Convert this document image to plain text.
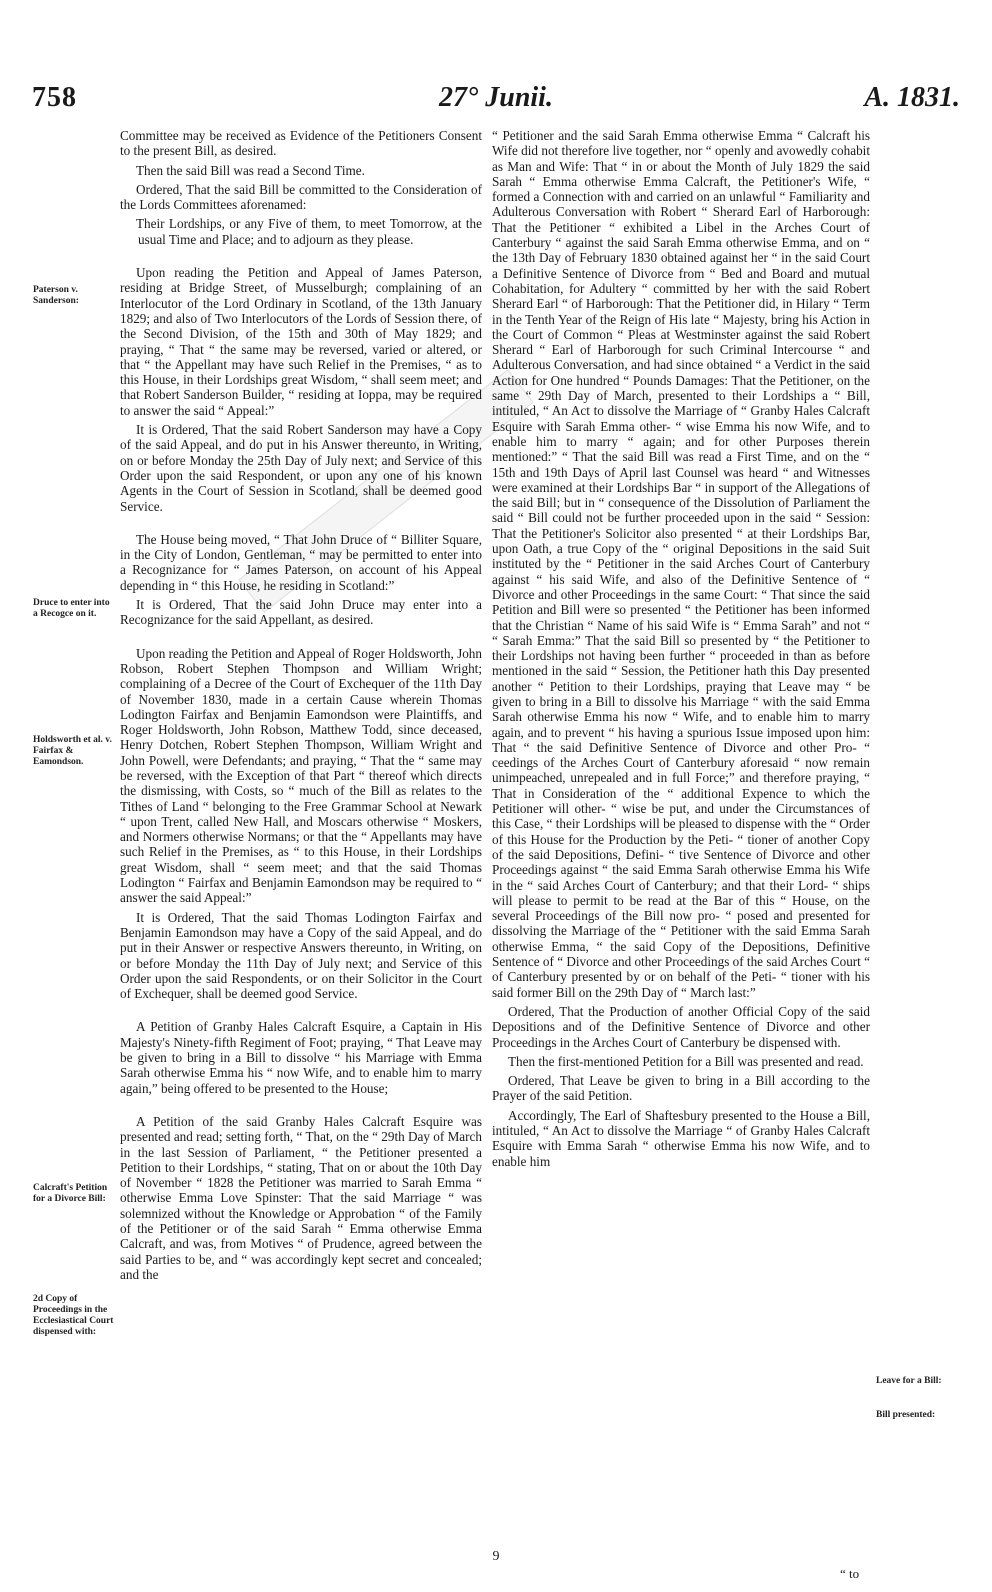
758	27° Junii.	A. 1831.
Paterson v. Sanderson:
Druce to enter into a Recogce on it.
Holdsworth et al. v. Fairfax & Eamondson.
Calcraft's Petition for a Divorce Bill:
2d Copy of Proceedings in the Ecclesiastical Court dispensed with:
Leave for a Bill:
Bill presented:

Committee may be received as Evidence of the Petitioners Consent to the present Bill, as desired.

Then the said Bill was read a Second Time.

Ordered, That the said Bill be committed to the Consideration of the Lords Committees aforenamed:

Their Lordships, or any Five of them, to meet Tomorrow, at the usual Time and Place; and to adjourn as they please.

Upon reading the Petition and Appeal of James Paterson, residing at Bridge Street, of Musselburgh; complaining of an Interlocutor of the Lord Ordinary in Scotland, of the 13th January 1829; and also of Two Interlocutors of the Lords of Session there, of the Second Division, of the 15th and 30th of May 1829; and praying, “ That “ the same may be reversed, varied or altered, or that “ the Appellant may have such Relief in the Premises, “ as to this House, in their Lordships great Wisdom, “ shall seem meet; and that Robert Sanderson Builder, “ residing at Ioppa, may be required to answer the said “ Appeal:”

It is Ordered, That the said Robert Sanderson may have a Copy of the said Appeal, and do put in his Answer thereunto, in Writing, on or before Monday the 25th Day of July next; and Service of this Order upon the said Respondent, or upon any one of his known Agents in the Court of Session in Scotland, shall be deemed good Service.

The House being moved, “ That John Druce of “ Billiter Square, in the City of London, Gentleman, “ may be permitted to enter into a Recognizance for “ James Paterson, on account of his Appeal depending in “ this House, he residing in Scotland:”

It is Ordered, That the said John Druce may enter into a Recognizance for the said Appellant, as desired.

Upon reading the Petition and Appeal of Roger Holdsworth, John Robson, Robert Stephen Thompson and William Wright; complaining of a Decree of the Court of Exchequer of the 11th Day of November 1830, made in a certain Cause wherein Thomas Lodington Fairfax and Benjamin Eamondson were Plaintiffs, and Roger Holdsworth, John Robson, Matthew Todd, since deceased, Henry Dotchen, Robert Stephen Thompson, William Wright and John Powell, were Defendants; and praying, “ That the “ same may be reversed, with the Exception of that Part “ thereof which directs the dismissing, with Costs, so “ much of the Bill as relates to the Tithes of Land “ belonging to the Free Grammar School at Newark “ upon Trent, called New Hall, and Moscars otherwise “ Moskers, and Normers otherwise Normans; or that the “ Appellants may have such Relief in the Premises, as “ to this House, in their Lordships great Wisdom, shall “ seem meet; and that the said Thomas Lodington “ Fairfax and Benjamin Eamondson may be required to “ answer the said Appeal:”

It is Ordered, That the said Thomas Lodington Fairfax and Benjamin Eamondson may have a Copy of the said Appeal, and do put in their Answer or respective Answers thereunto, in Writing, on or before Monday the 11th Day of July next; and Service of this Order upon the said Respondents, or on their Solicitor in the Court of Exchequer, shall be deemed good Service.

A Petition of Granby Hales Calcraft Esquire, a Captain in His Majesty's Ninety-fifth Regiment of Foot; praying, “ That Leave may be given to bring in a Bill to dissolve “ his Marriage with Emma Sarah otherwise Emma his “ now Wife, and to enable him to marry again,” being offered to be presented to the House;

A Petition of the said Granby Hales Calcraft Esquire was presented and read; setting forth, “ That, on the “ 29th Day of March in the last Session of Parliament, “ the Petitioner presented a Petition to their Lordships, “ stating, That on or about the 10th Day of November “ 1828 the Petitioner was married to Sarah Emma “ otherwise Emma Love Spinster: That the said Marriage “ was solemnized without the Knowledge or Approbation “ of the Family of the Petitioner or of the said Sarah “ Emma otherwise Emma Calcraft, and was, from Motives “ of Prudence, agreed between the said Parties to be, and “ was accordingly kept secret and concealed; and the

“ Petitioner and the said Sarah Emma otherwise Emma “ Calcraft his Wife did not therefore live together, nor “ openly and avowedly cohabit as Man and Wife: That “ in or about the Month of July 1829 the said Sarah “ Emma otherwise Emma Calcraft, the Petitioner's Wife, “ formed a Connection with and carried on an unlawful “ Familiarity and Adulterous Conversation with Robert “ Sherard Earl of Harborough: That the Petitioner “ exhibited a Libel in the Arches Court of Canterbury “ against the said Sarah Emma otherwise Emma, and on “ the 13th Day of February 1830 obtained against her “ in the said Court a Definitive Sentence of Divorce from “ Bed and Board and mutual Cohabitation, for Adultery “ committed by her with the said Robert Sherard Earl “ of Harborough: That the Petitioner did, in Hilary “ Term in the Tenth Year of the Reign of His late “ Majesty, bring his Action in the Court of Common “ Pleas at Westminster against the said Robert Sherard “ Earl of Harborough for such Criminal Intercourse “ and Adulterous Conversation, and had since obtained “ a Verdict in the said Action for One hundred “ Pounds Damages: That the Petitioner, on the same “ 29th Day of March, presented to their Lordships a “ Bill, intituled, “ An Act to dissolve the Marriage of “ Granby Hales Calcraft Esquire with Sarah Emma other- “ wise Emma his now Wife, and to enable him to marry “ again; and for other Purposes therein mentioned:” “ That the said Bill was read a First Time, and on the “ 15th and 19th Days of April last Counsel was heard “ and Witnesses were examined at their Lordships Bar “ in support of the Allegations of the said Bill; but in “ consequence of the Dissolution of Parliament the said “ Bill could not be further proceeded upon in the said “ Session: That the Petitioner's Solicitor also presented “ at their Lordships Bar, upon Oath, a true Copy of the “ original Depositions in the said Suit instituted by the “ Petitioner in the said Arches Court of Canterbury against “ his said Wife, and also of the Definitive Sentence of “ Divorce and other Proceedings in the same Court: “ That since the said Petition and Bill were so presented “ the Petitioner has been informed that the Christian “ Name of his said Wife is “ Emma Sarah” and not “ “ Sarah Emma:” That the said Bill so presented by “ the Petitioner to their Lordships not having been further “ proceeded in than as before mentioned in the said “ Session, the Petitioner hath this Day presented another “ Petition to their Lordships, praying that Leave may “ be given to bring in a Bill to dissolve his Marriage “ with the said Emma Sarah otherwise Emma his now “ Wife, and to enable him to marry again, and to prevent “ his having a spurious Issue imposed upon him: That “ the said Definitive Sentence of Divorce and other Pro- “ ceedings of the Arches Court of Canterbury aforesaid “ now remain unimpeached, unrepealed and in full Force;” and therefore praying, “ That in Consideration of the “ additional Expence to which the Petitioner will other- “ wise be put, and under the Circumstances of this Case, “ their Lordships will be pleased to dispense with the “ Order of this House for the Production by the Peti- “ tioner of another Copy of the said Depositions, Defini- “ tive Sentence of Divorce and other Proceedings against “ the said Emma Sarah otherwise Emma his Wife in the “ said Arches Court of Canterbury; and that their Lord- “ ships will please to permit to be read at the Bar of this “ House, on the several Proceedings of the Bill now pro- “ posed and presented for dissolving the Marriage of the “ Petitioner with the said Emma Sarah otherwise Emma, “ the said Copy of the Depositions, Definitive Sentence of “ Divorce and other Proceedings of the said Arches Court “ of Canterbury presented by or on behalf of the Peti- “ tioner with his said former Bill on the 29th Day of “ March last:”

Ordered, That the Production of another Official Copy of the said Depositions and of the Definitive Sentence of Divorce and other Proceedings in the Arches Court of Canterbury be dispensed with.

Then the first-mentioned Petition for a Bill was presented and read.

Ordered, That Leave be given to bring in a Bill according to the Prayer of the said Petition.

Accordingly, The Earl of Shaftesbury presented to the House a Bill, intituled, “ An Act to dissolve the Marriage “ of Granby Hales Calcraft Esquire with Emma Sarah “ otherwise Emma his now Wife, and to enable him

9
“ to
